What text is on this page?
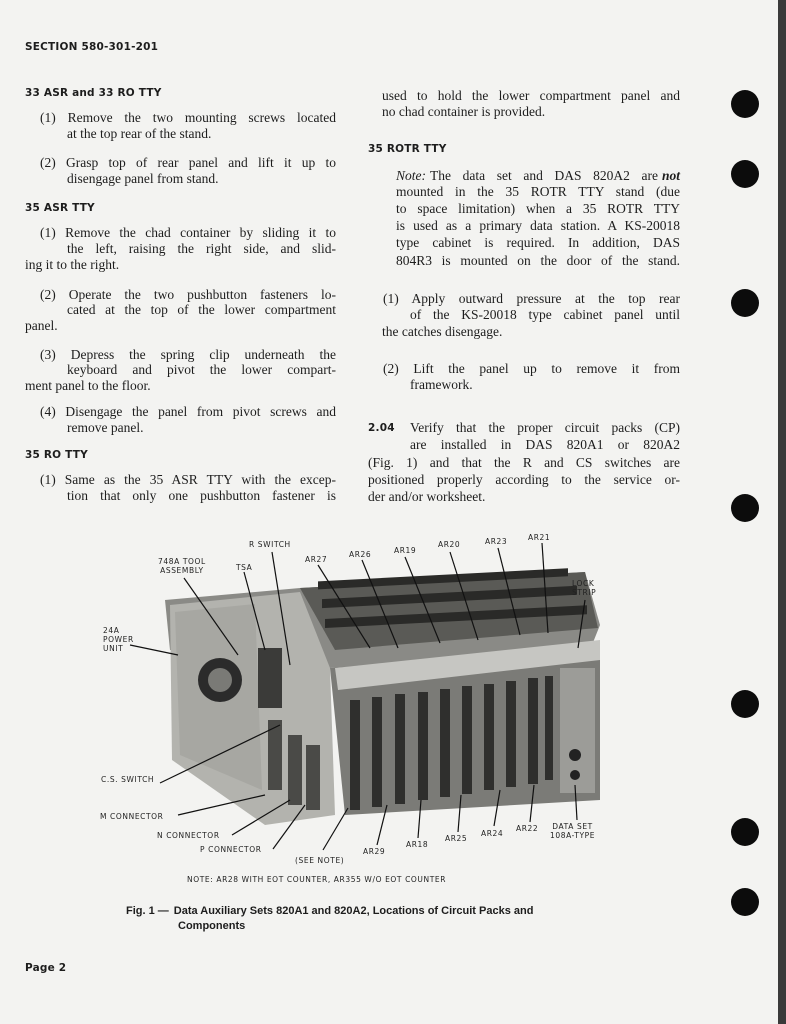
SECTION 580-301-201
33 ASR and 33 RO TTY
(1) Remove the two mounting screws located
at the top rear of the stand.
(2) Grasp top of rear panel and lift it up to
disengage panel from stand.
35 ASR TTY
(1) Remove the chad container by sliding it to
the left, raising the right side, and slid-
ing it to the right.
(2) Operate the two pushbutton fasteners lo-
cated at the top of the lower compartment
panel.
(3) Depress the spring clip underneath the
keyboard and pivot the lower compart-
ment panel to the floor.
(4) Disengage the panel from pivot screws and
remove panel.
35 RO TTY
(1) Same as the 35 ASR TTY with the excep-
tion that only one pushbutton fastener is
used to hold the lower compartment panel and
no chad container is provided.
35 ROTR TTY
Note: The data set and DAS 820A2 are not
mounted in the 35 ROTR TTY stand (due
to space limitation) when a 35 ROTR TTY
is used as a primary data station. A KS-20018
type cabinet is required. In addition, DAS
804R3 is mounted on the door of the stand.
(1) Apply outward pressure at the top rear
of the KS-20018 type cabinet panel until
the catches disengage.
(2) Lift the panel up to remove it from
framework.
2.04 Verify that the proper circuit packs (CP)
are installed in DAS 820A1 or 820A2
(Fig. 1) and that the R and CS switches are
positioned properly according to the service or-
der and/or worksheet.
748A TOOL
ASSEMBLY	TSA
R SWITCH
AR27
AR26	AR19
AR20	AR23	AR21
LOCK
STRIP
24A
POWER
UNIT
C.S. SWITCH
M CONNECTOR
N CONNECTOR
P CONNECTOR
(SEE NOTE)
AR29
AR18
AR25
AR24
AR22	DATA SET
108A-TYPE
NOTE: AR28 WITH EOT COUNTER, AR355 W/O EOT COUNTER
Fig. 1 — Data Auxiliary Sets 820A1 and 820A2, Locations of Circuit Packs and
Components
Page 2
